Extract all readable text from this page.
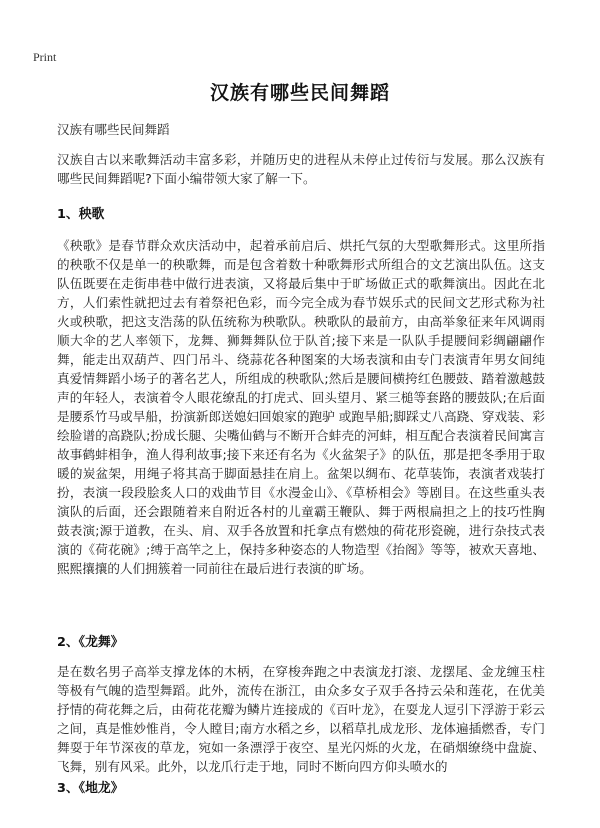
Print
汉族有哪些民间舞蹈
汉族有哪些民间舞蹈

汉族自古以来歌舞活动丰富多彩，并随历史的进程从未停止过传衍与发展。那么汉族有哪些民间舞蹈呢?下面小编带领大家了解一下。

1、秧歌

《秧歌》是春节群众欢庆活动中，起着承前启后、烘托气氛的大型歌舞形式。这里所指的秧歌不仅是单一的秧歌舞，而是包含着数十种歌舞形式所组合的文艺演出队伍。这支队伍既要在走街串巷中做行进表演，又将最后集中于旷场做正式的歌舞演出。因此在北方，人们索性就把过去有着祭祀色彩，而今完全成为春节娱乐式的民间文艺形式称为社火或秧歌，把这支浩荡的队伍统称为秧歌队。秧歌队的最前方，由高举象征来年风调雨顺大伞的艺人率领下，龙舞、狮舞舞队位于队首;接下来是一队队手提腰间彩绸翩翩作舞，能走出双葫芦、四门吊斗、绕蒜花各种图案的大场表演和由专门表演青年男女间纯真爱情舞蹈小场子的著名艺人，所组成的秧歌队;然后是腰间横挎红色腰鼓、踏着激越鼓声的年轻人，表演着令人眼花缭乱的打虎式、回头望月、紧三槌等套路的腰鼓队;在后面是腰系竹马或旱船，扮演新郎送媳妇回娘家的跑驴 或跑旱船;脚踩丈八高跷、穿戏装、彩绘脸谱的高跷队;扮成长腿、尖嘴仙鹤与不断开合蚌壳的河蚌，相互配合表演着民间寓言故事鹤蚌相争，渔人得利故事;接下来还有名为《火盆架子》的队伍，那是把冬季用于取暖的炭盆架，用绳子将其高于脚面悬挂在肩上。盆架以绸布、花草装饰，表演者戏装打扮，表演一段段脍炙人口的戏曲节目《水漫金山》、《草桥相会》等剧目。在这些重头表演队的后面，还会跟随着来自附近各村的儿童霸王鞭队、舞于两根扁担之上的技巧性胸鼓表演;源于道教，在头、肩、双手各放置和托拿点有燃烛的荷花形瓷碗，进行杂技式表演的《荷花碗》;缚于高竿之上，保持多种姿态的人物造型《抬阁》等等，被欢天喜地、熙熙攘攘的人们拥簇着一同前往在最后进行表演的旷场。

2、《龙舞》

是在数名男子高举支撑龙体的木柄，在穿梭奔跑之中表演龙打滚、龙摆尾、金龙缠玉柱等极有气魄的造型舞蹈。此外，流传在浙江，由众多女子双手各持云朵和莲花，在优美抒情的荷花舞之后，由荷花花瓣为鳞片连接成的《百叶龙》，在耍龙人逗引下浮游于彩云之间，真是惟妙惟肖，令人瞠目;南方水稻之乡，以稻草扎成龙形、龙体遍插燃香，专门舞耍于年节深夜的草龙，宛如一条漂浮于夜空、星光闪烁的火龙，在硝烟缭绕中盘旋、飞舞，别有风采。此外，以龙爪行走于地，同时不断向四方仰头喷水的

3、《地龙》
